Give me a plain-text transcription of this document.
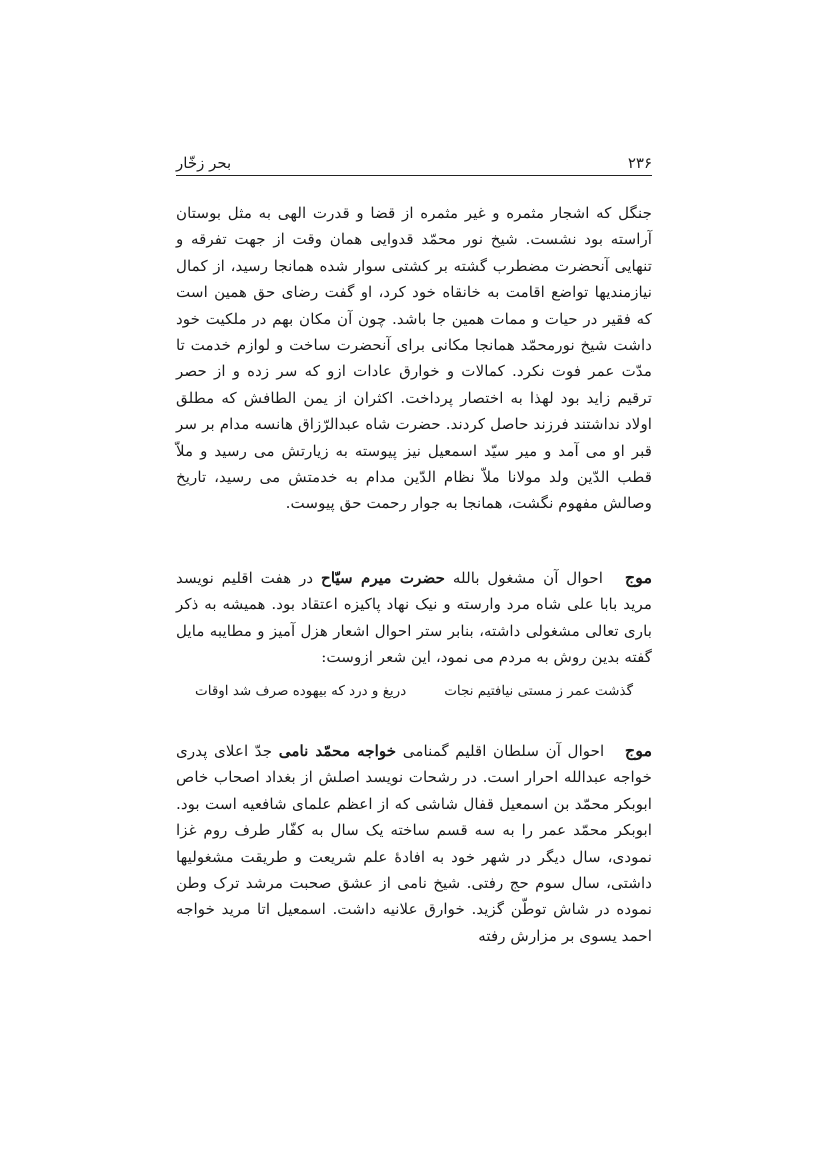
۲۳۶
بحر زخّار

جنگل که اشجار مثمره و غیر مثمره از قضا و قدرت الهی به مثل بوستان آراسته بود نشست. شیخ نور محمّد قدوایی همان وقت از جهت تفرقه و تنهایی آنحضرت مضطرب گشته بر کشتی سوار شده همانجا رسید، از کمال نیازمندیها تواضع اقامت به خانقاه خود کرد، او گفت رضای حق همین است که فقیر در حیات و ممات همین جا باشد. چون آن مکان بهم در ملکیت خود داشت شیخ نورمحمّد همانجا مکانی برای آنحضرت ساخت و لوازم خدمت تا مدّت عمر فوت نکرد. کمالات و خوارق عادات ازو که سر زده و از حصر ترقیم زاید بود لهذا به اختصار پرداخت. اکثران از یمن الطافش که مطلق اولاد نداشتند فرزند حاصل کردند. حضرت شاه عبدالرّزاق هانسه مدام بر سر قبر او می آمد و میر سیّد اسمعیل نیز پیوسته به زیارتش می رسید و ملاّ قطب الدّین ولد مولانا ملاّ نظام الدّین مدام به خدمتش می رسید، تاریخ وصالش مفهوم نگشت، همانجا به جوار رحمت حق پیوست.

موج احوال آن مشغول بالله حضرت میرم سیّاح در هفت اقلیم نویسد مرید بابا علی شاه مرد وارسته و نیک نهاد پاکیزه اعتقاد بود. همیشه به ذکر باری تعالی مشغولی داشته، بنابر ستر احوال اشعار هزل آمیز و مطایبه مایل گفته بدین روش به مردم می نمود، این شعر ازوست:

گذشت عمر ز مستی نیافتیم نجات
دریغ و درد که بیهوده صرف شد اوقات

موج احوال آن سلطان اقلیم گمنامی خواجه محمّد نامی جدّ اعلای پدری خواجه عبدالله احرار است. در رشحات نویسد اصلش از بغداد اصحاب خاص ابوبکر محمّد بن اسمعیل قفال شاشی که از اعظم علمای شافعیه است بود. ابوبکر محمّد عمر را به سه قسم ساخته یک سال به کفّار طرف روم غزا نمودی، سال دیگر در شهر خود به افادهٔ علم شریعت و طریقت مشغولیها داشتی، سال سوم حج رفتی. شیخ نامی از عشق صحبت مرشد ترک وطن نموده در شاش توطّن گزید. خوارق علانیه داشت. اسمعیل اتا مرید خواجه احمد یسوی بر مزارش رفته
